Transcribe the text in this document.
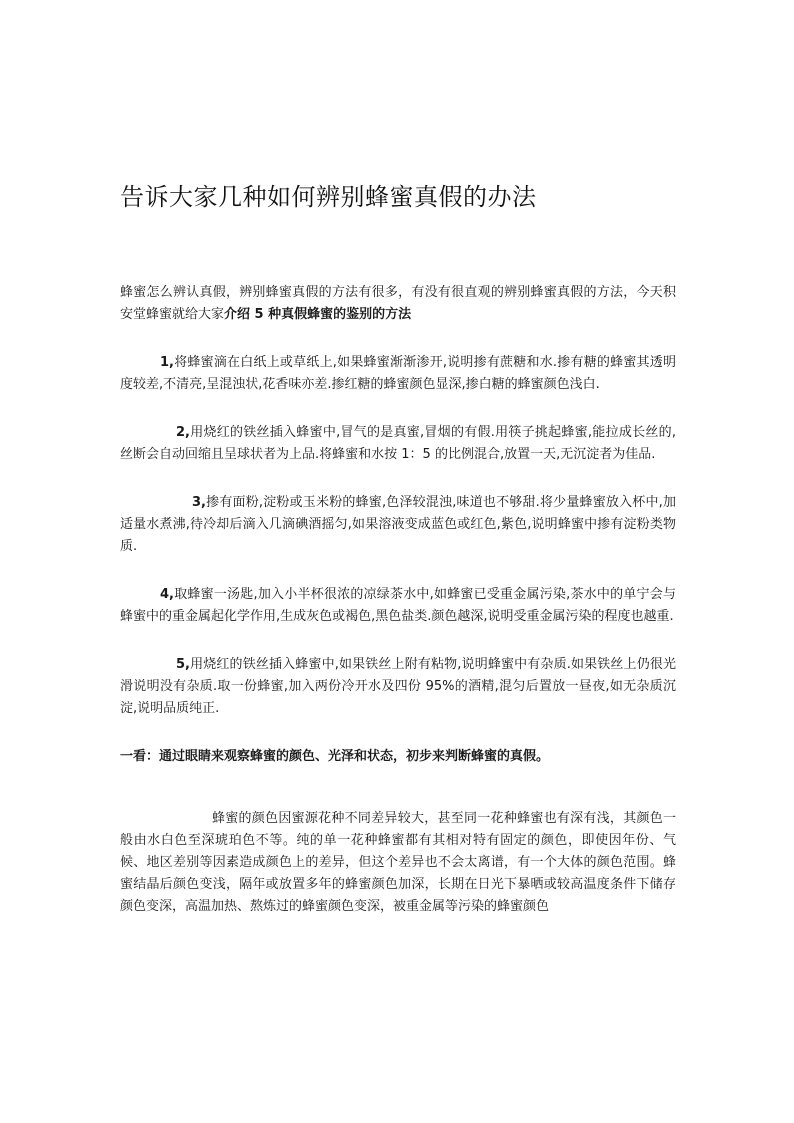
告诉大家几种如何辨别蜂蜜真假的办法

蜂蜜怎么辨认真假，辨别蜂蜜真假的方法有很多，有没有很直观的辨别蜂蜜真假的方法，今天积安堂蜂蜜就给大家介绍 5 种真假蜂蜜的鉴别的方法

1,将蜂蜜滴在白纸上或草纸上,如果蜂蜜渐渐渗开,说明掺有蔗糖和水.掺有糖的蜂蜜其透明度较差,不清亮,呈混浊状,花香味亦差.掺红糖的蜂蜜颜色显深,掺白糖的蜂蜜颜色浅白.

2,用烧红的铁丝插入蜂蜜中,冒气的是真蜜,冒烟的有假.用筷子挑起蜂蜜,能拉成长丝的,丝断会自动回缩且呈球状者为上品.将蜂蜜和水按 1：5 的比例混合,放置一天,无沉淀者为佳品.

3,掺有面粉,淀粉或玉米粉的蜂蜜,色泽较混浊,味道也不够甜.将少量蜂蜜放入杯中,加适量水煮沸,待冷却后滴入几滴碘酒摇匀,如果溶液变成蓝色或红色,紫色,说明蜂蜜中掺有淀粉类物质.

4,取蜂蜜一汤匙,加入小半杯很浓的凉绿茶水中,如蜂蜜已受重金属污染,茶水中的单宁会与蜂蜜中的重金属起化学作用,生成灰色或褐色,黑色盐类.颜色越深,说明受重金属污染的程度也越重.

5,用烧红的铁丝插入蜂蜜中,如果铁丝上附有粘物,说明蜂蜜中有杂质.如果铁丝上仍很光滑说明没有杂质.取一份蜂蜜,加入两份冷开水及四份 95%的酒精,混匀后置放一昼夜,如无杂质沉淀,说明品质纯正.

一看：通过眼睛来观察蜂蜜的颜色、光泽和状态，初步来判断蜂蜜的真假。

蜂蜜的颜色因蜜源花种不同差异较大，甚至同一花种蜂蜜也有深有浅，其颜色一般由水白色至深琥珀色不等。纯的单一花种蜂蜜都有其相对特有固定的颜色，即使因年份、气候、地区差别等因素造成颜色上的差异，但这个差异也不会太离谱，有一个大体的颜色范围。蜂蜜结晶后颜色变浅，隔年或放置多年的蜂蜜颜色加深，长期在日光下暴晒或较高温度条件下储存颜色变深，高温加热、熬炼过的蜂蜜颜色变深，被重金属等污染的蜂蜜颜色
